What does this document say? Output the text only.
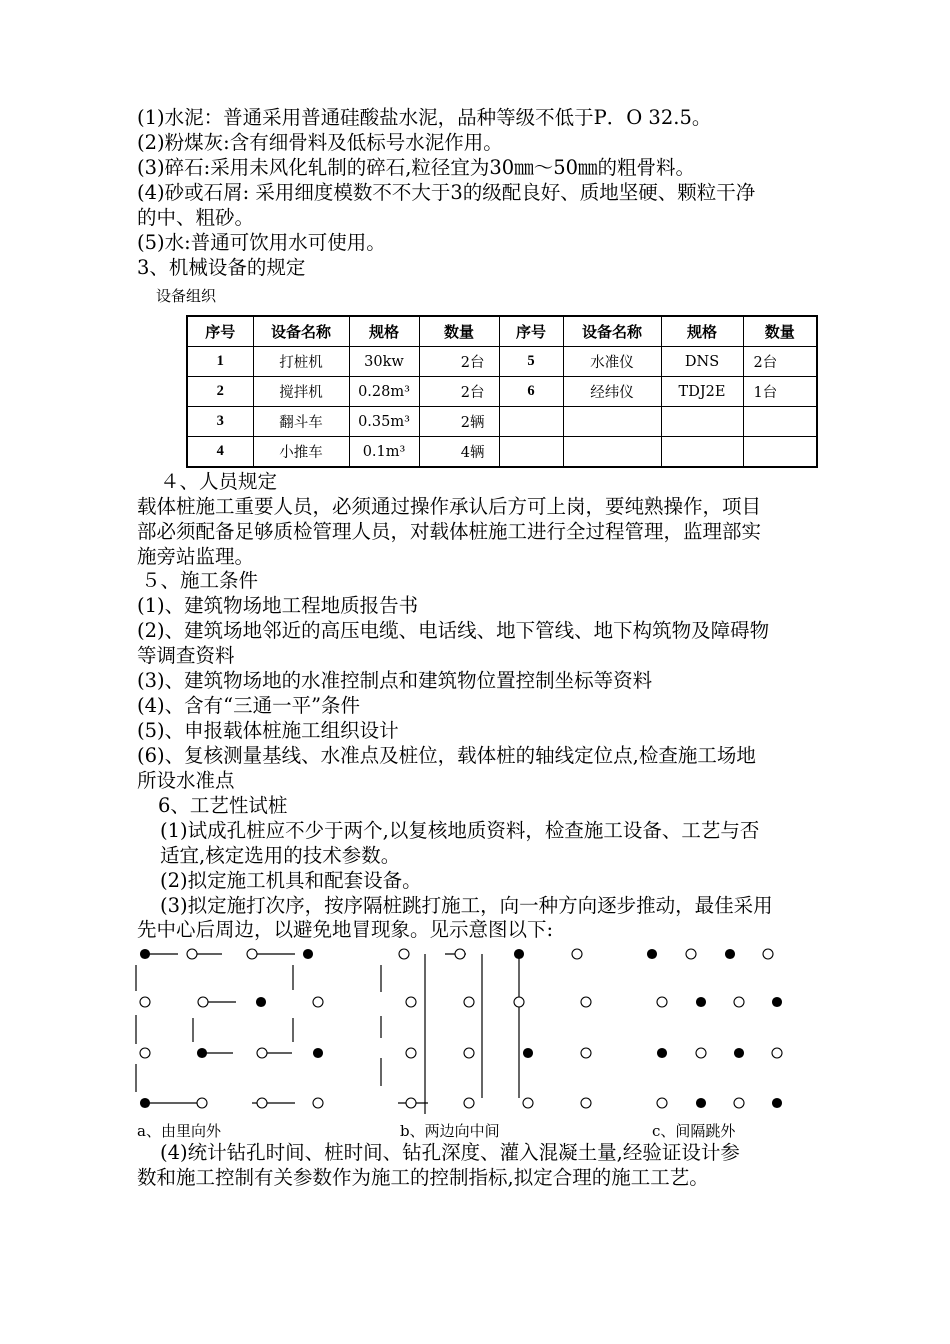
(1)水泥：普通采用普通硅酸盐水泥，品种等级不低于P．O 32.5。
(2)粉煤灰:含有细骨料及低标号水泥作用。
(3)碎石:采用未风化轧制的碎石,粒径宜为30㎜～50㎜的粗骨料。
(4)砂或石屑: 采用细度模数不不大于3的级配良好、质地坚硬、颗粒干净
的中、粗砂。
(5)水:普通可饮用水可使用。
3、机械设备的规定
设备组织
序号	设备名称	规格	数量	序号	设备名称	规格	数量
1	打桩机	30kw	2台	5	水准仪	DNS	2台
2	搅拌机	0.28m³	2台	6	经纬仪	TDJ2E	1台
3	翻斗车	0.35m³	2辆				
4	小推车	0.1m³	4辆				
４、人员规定
载体桩施工重要人员，必须通过操作承认后方可上岗，要纯熟操作，项目
部必须配备足够质检管理人员，对载体桩施工进行全过程管理，监理部实
施旁站监理。
５、施工条件
(1)、建筑物场地工程地质报告书
(2)、建筑场地邻近的高压电缆、电话线、地下管线、地下构筑物及障碍物
等调查资料
(3)、建筑物场地的水准控制点和建筑物位置控制坐标等资料
(4)、含有“三通一平”条件
(5)、申报载体桩施工组织设计
(6)、复核测量基线、水准点及桩位，载体桩的轴线定位点,检查施工场地
所设水准点
6、工艺性试桩
(1)试成孔桩应不少于两个,以复核地质资料，检查施工设备、工艺与否
适宜,核定选用的技术参数。
(2)拟定施工机具和配套设备。
(3)拟定施打次序，按序隔桩跳打施工，向一种方向逐步推动，最佳采用
先中心后周边，以避免地冒现象。见示意图以下:
a、由里向外	b、两边向中间	c、间隔跳外
(4)统计钻孔时间、桩时间、钻孔深度、灌入混凝土量,经验证设计参
数和施工控制有关参数作为施工的控制指标,拟定合理的施工工艺。
